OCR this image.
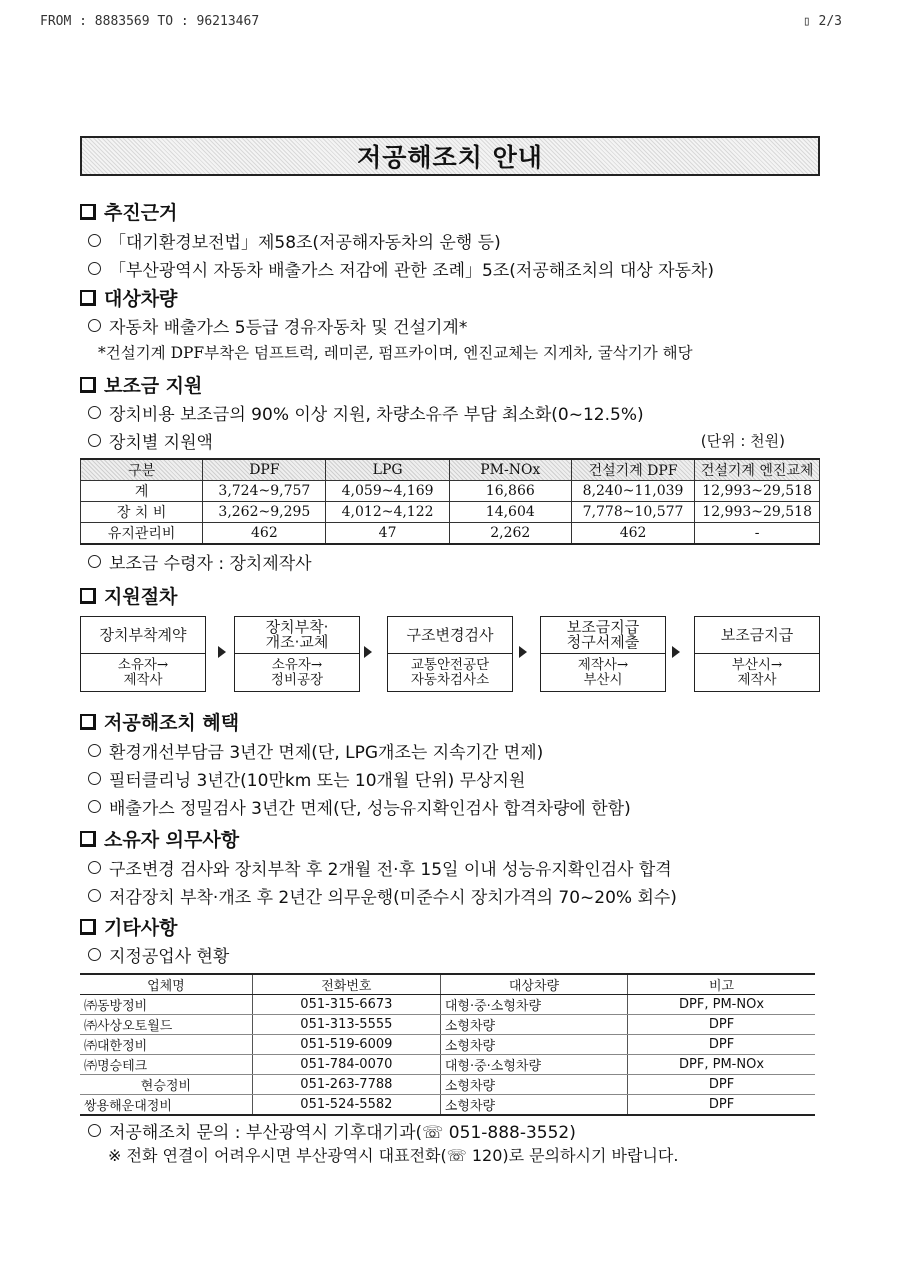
FROM : 8883569 TO : 96213467	▯ 2/3
저공해조치 안내
추진근거
「대기환경보전법」제58조(저공해자동차의 운행 등)
「부산광역시 자동차 배출가스 저감에 관한 조례」5조(저공해조치의 대상 자동차)
대상차량
자동차 배출가스 5등급 경유자동차 및 건설기계*
*건설기계 DPF부착은 덤프트럭, 레미콘, 펌프카이며, 엔진교체는 지게차, 굴삭기가 해당
보조금 지원
장치비용 보조금의 90% 이상 지원, 차량소유주 부담 최소화(0~12.5%)
장치별 지원액	(단위 : 천원)
구분	DPF	LPG	PM-NOx	건설기계 DPF	건설기계 엔진교체
계	3,724~9,757	4,059~4,169	16,866	8,240~11,039	12,993~29,518
장 치 비	3,262~9,295	4,012~4,122	14,604	7,778~10,577	12,993~29,518
유지관리비	462	47	2,262	462	-
보조금 수령자 : 장치제작사
지원절차
장치부착계약
소유자→
제작사
장치부착·
개조·교체
소유자→
정비공장
구조변경검사
교통안전공단
자동차검사소
보조금지급
청구서제출
제작사→
부산시
보조금지급
부산시→
제작사
저공해조치 혜택
환경개선부담금 3년간 면제(단, LPG개조는 지속기간 면제)
필터클리닝 3년간(10만km 또는 10개월 단위) 무상지원
배출가스 정밀검사 3년간 면제(단, 성능유지확인검사 합격차량에 한함)
소유자 의무사항
구조변경 검사와 장치부착 후 2개월 전·후 15일 이내 성능유지확인검사 합격
저감장치 부착·개조 후 2년간 의무운행(미준수시 장치가격의 70~20% 회수)
기타사항
지정공업사 현황
업체명	전화번호	대상차량	비고
㈜동방정비	051-315-6673	대형·중·소형차량	DPF, PM-NOx
㈜사상오토월드	051-313-5555	소형차량	DPF
㈜대한정비	051-519-6009	소형차량	DPF
㈜명승테크	051-784-0070	대형·중·소형차량	DPF, PM-NOx
현승정비	051-263-7788	소형차량	DPF
쌍용해운대정비	051-524-5582	소형차량	DPF
저공해조치 문의 : 부산광역시 기후대기과(☏ 051-888-3552)
※ 전화 연결이 어려우시면 부산광역시 대표전화(☏ 120)로 문의하시기 바랍니다.
